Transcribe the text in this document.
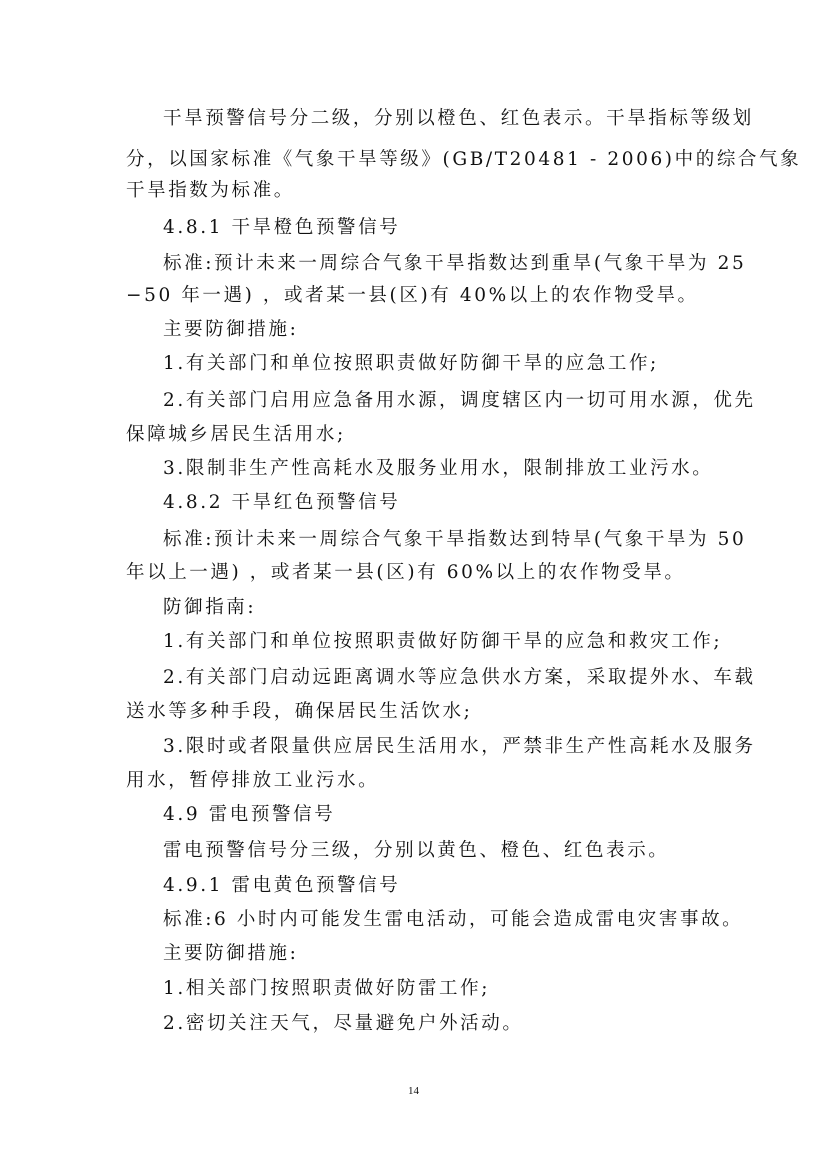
干旱预警信号分二级，分别以橙色、红色表示。干旱指标等级划
分，以国家标准《气象干旱等级》(GB/T20481 - 2006)中的综合气象
干旱指数为标准。
4.8.1 干旱橙色预警信号
标准:预计未来一周综合气象干旱指数达到重旱(气象干旱为 25
−50 年一遇) ，或者某一县(区)有 40%以上的农作物受旱。
主要防御措施:
1.有关部门和单位按照职责做好防御干旱的应急工作;
2.有关部门启用应急备用水源，调度辖区内一切可用水源，优先
保障城乡居民生活用水;
3.限制非生产性高耗水及服务业用水，限制排放工业污水。
4.8.2 干旱红色预警信号
标准:预计未来一周综合气象干旱指数达到特旱(气象干旱为 50
年以上一遇) ，或者某一县(区)有 60%以上的农作物受旱。
防御指南:
1.有关部门和单位按照职责做好防御干旱的应急和救灾工作;
2.有关部门启动远距离调水等应急供水方案，采取提外水、车载
送水等多种手段，确保居民生活饮水;
3.限时或者限量供应居民生活用水，严禁非生产性高耗水及服务
用水，暂停排放工业污水。
4.9 雷电预警信号
雷电预警信号分三级，分别以黄色、橙色、红色表示。
4.9.1 雷电黄色预警信号
标准:6 小时内可能发生雷电活动，可能会造成雷电灾害事故。
主要防御措施:
1.相关部门按照职责做好防雷工作;
2.密切关注天气，尽量避免户外活动。
14
